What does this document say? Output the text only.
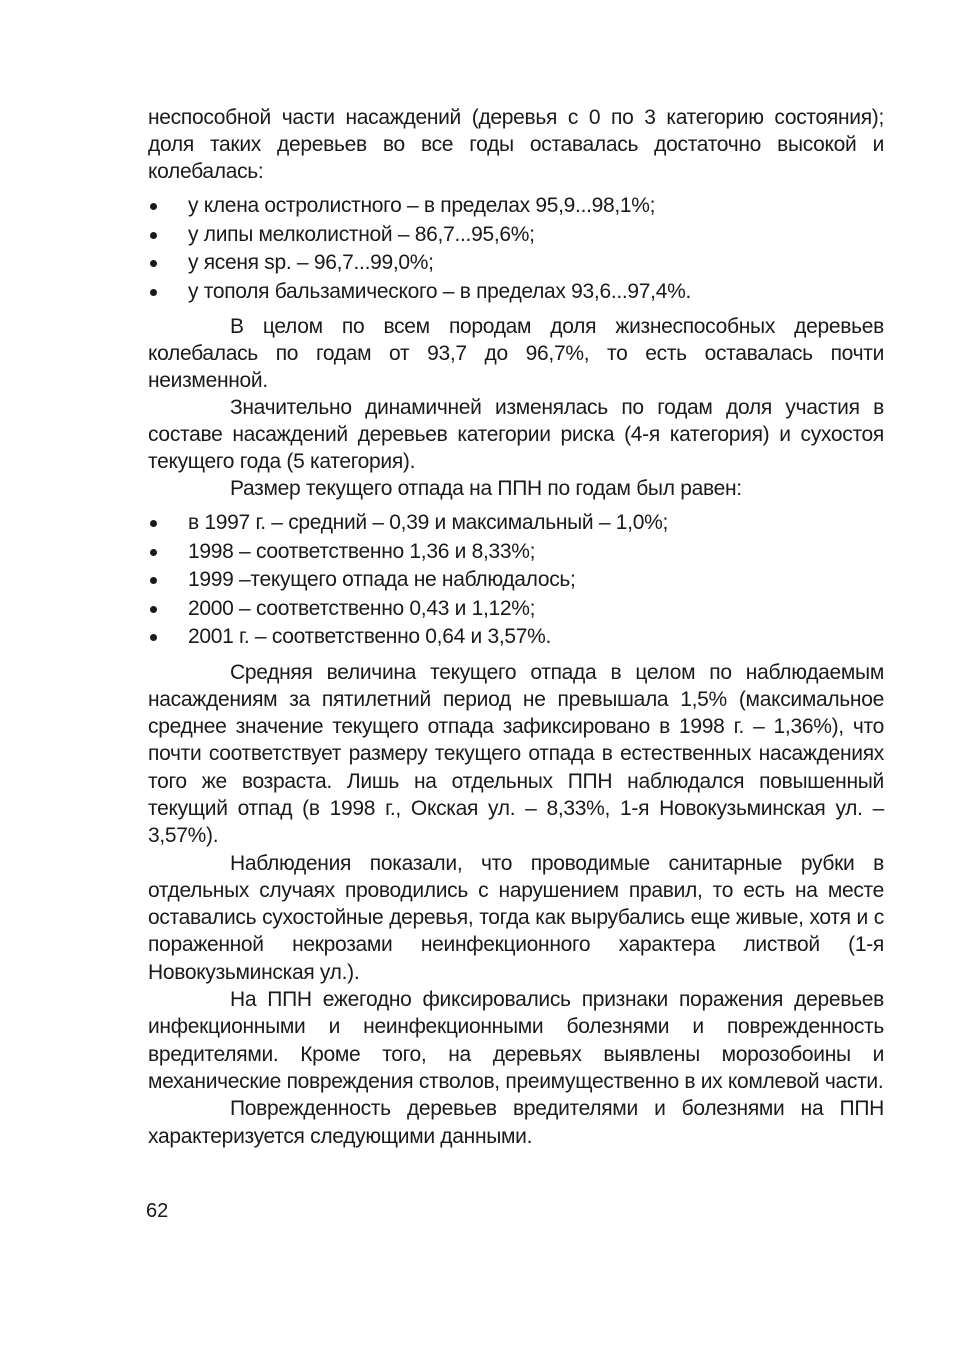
неспособной части насаждений (деревья с 0 по 3 категорию состояния); доля таких деревьев во все годы оставалась достаточно высокой и колебалась:

у клена остролистного – в пределах 95,9...98,1%;
у липы мелколистной – 86,7...95,6%;
у ясеня sp. – 96,7...99,0%;
у тополя бальзамического – в пределах 93,6...97,4%.

В целом по всем породам доля жизнеспособных деревьев колебалась по годам от 93,7 до 96,7%, то есть оставалась почти неизменной.

Значительно динамичней изменялась по годам доля участия в составе насаждений деревьев категории риска (4-я категория) и сухостоя текущего года (5 категория).

Размер текущего отпада на ППН по годам был равен:

в 1997 г. – средний – 0,39 и максимальный – 1,0%;
1998 – соответственно 1,36 и 8,33%;
1999 –текущего отпада не наблюдалось;
2000 – соответственно 0,43 и 1,12%;
2001 г. – соответственно 0,64 и 3,57%.

Средняя величина текущего отпада в целом по наблюдаемым насаждениям за пятилетний период не превышала 1,5% (максимальное среднее значение текущего отпада зафиксировано в 1998 г. – 1,36%), что почти соответствует размеру текущего отпада в естественных насаждениях того же возраста. Лишь на отдельных ППН наблюдался повышенный текущий отпад (в 1998 г., Окская ул. – 8,33%, 1-я Новокузьминская ул. – 3,57%).

Наблюдения показали, что проводимые санитарные рубки в отдельных случаях проводились с нарушением правил, то есть на месте оставались сухостойные деревья, тогда как вырубались еще живые, хотя и с пораженной некрозами неинфекционного характера листвой (1-я Новокузьминская ул.).

На ППН ежегодно фиксировались признаки поражения деревьев инфекционными и неинфекционными болезнями и поврежденность вредителями. Кроме того, на деревьях выявлены морозобоины и механические повреждения стволов, преимущественно в их комлевой части.

Поврежденность деревьев вредителями и болезнями на ППН характеризуется следующими данными.

62
